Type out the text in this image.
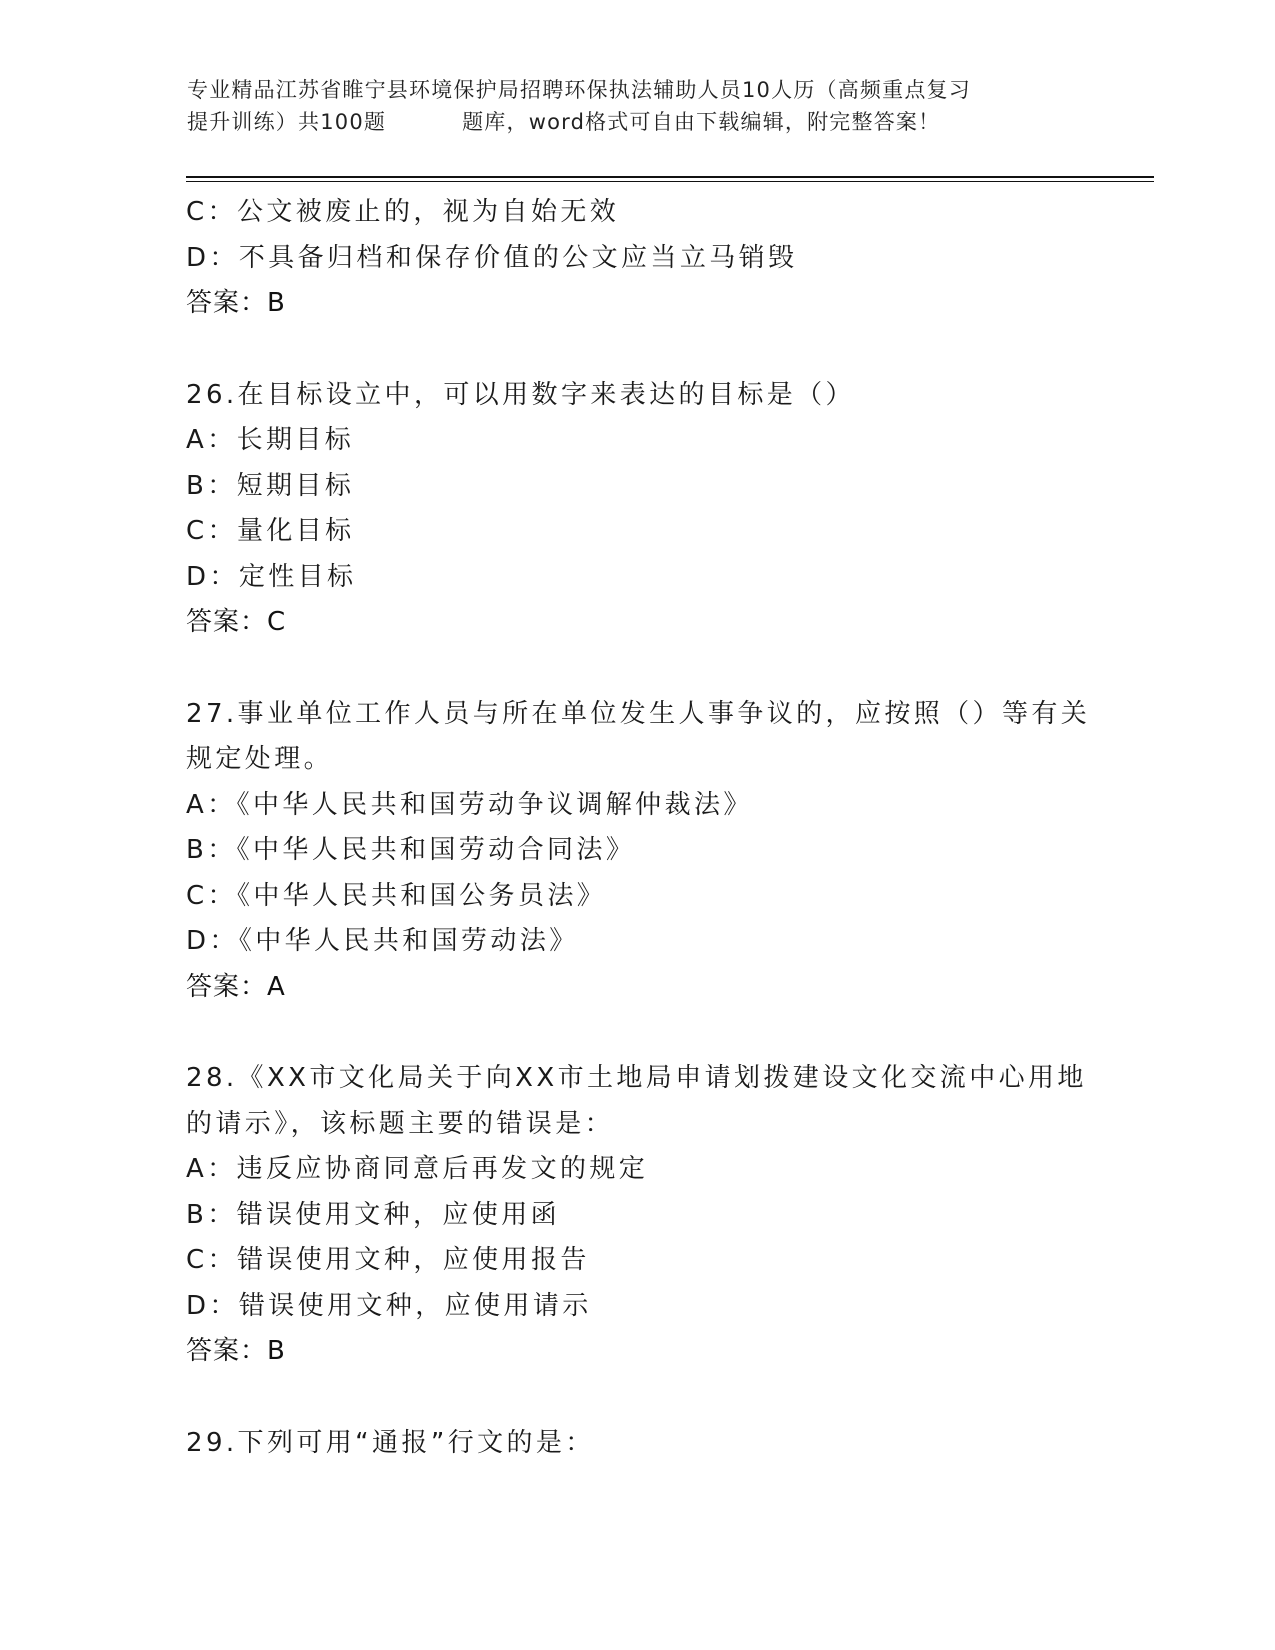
专业精品江苏省睢宁县环境保护局招聘环保执法辅助人员10人历（高频重点复习
提升训练）共100题	题库，word格式可自由下载编辑，附完整答案！
C：公文被废止的，视为自始无效
D：不具备归档和保存价值的公文应当立马销毁
答案：B
26.在目标设立中，可以用数字来表达的目标是（）
A：长期目标
B：短期目标
C：量化目标
D：定性目标
答案：C
27.事业单位工作人员与所在单位发生人事争议的，应按照（）等有关
规定处理。
A：《中华人民共和国劳动争议调解仲裁法》
B：《中华人民共和国劳动合同法》
C：《中华人民共和国公务员法》
D：《中华人民共和国劳动法》
答案：A
28.《XX市文化局关于向XX市土地局申请划拨建设文化交流中心用地
的请示》，该标题主要的错误是：
A：违反应协商同意后再发文的规定
B：错误使用文种，应使用函
C：错误使用文种，应使用报告
D：错误使用文种，应使用请示
答案：B
29.下列可用“通报”行文的是：
